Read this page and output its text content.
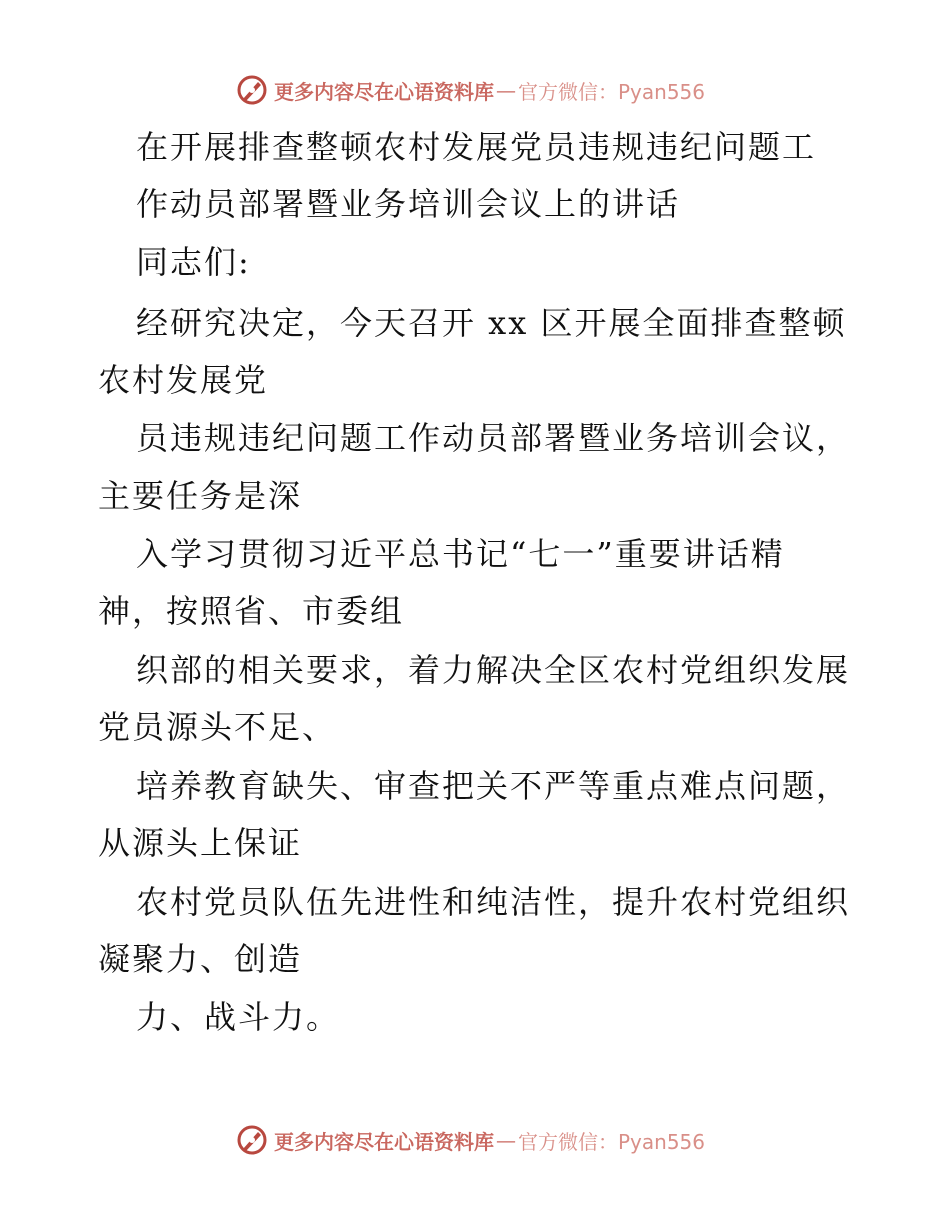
更多内容尽在心语资料库 — 官方微信：Pyan556
在开展排查整顿农村发展党员违规违纪问题工
作动员部署暨业务培训会议上的讲话
同志们:
经研究决定，今天召开 xx 区开展全面排查整顿
农村发展党
员违规违纪问题工作动员部署暨业务培训会议，
主要任务是深
入学习贯彻习近平总书记“七一”重要讲话精
神，按照省、市委组
织部的相关要求，着力解决全区农村党组织发展
党员源头不足、
培养教育缺失、审查把关不严等重点难点问题，
从源头上保证
农村党员队伍先进性和纯洁性，提升农村党组织
凝聚力、创造
力、战斗力。
更多内容尽在心语资料库 — 官方微信：Pyan556
